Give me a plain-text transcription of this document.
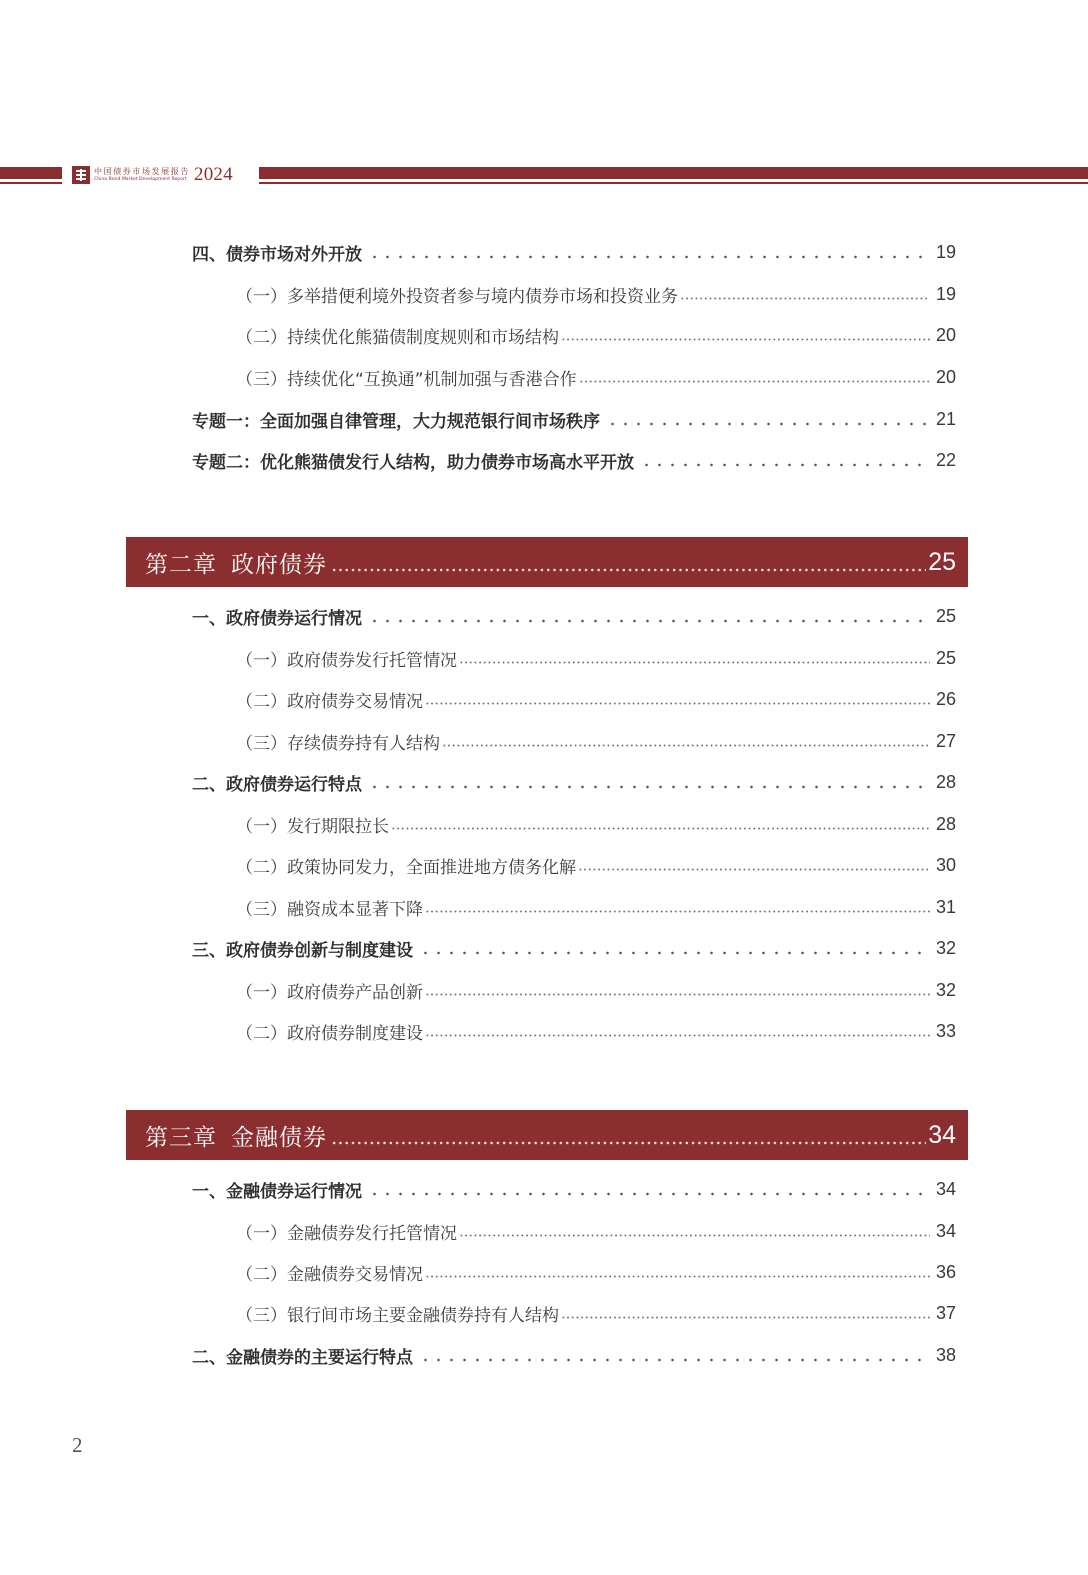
中国债券市场发展报告
China Bond Market Development Report 2024
四、债券市场对外开放	19
（一）多举措便利境外投资者参与境内债券市场和投资业务	19
（二）持续优化熊猫债制度规则和市场结构	20
（三）持续优化“互换通”机制加强与香港合作	20
专题一：全面加强自律管理，大力规范银行间市场秩序	21
专题二：优化熊猫债发行人结构，助力债券市场高水平开放	22
第二章 政府债券	25
一、政府债券运行情况	25
（一）政府债券发行托管情况	25
（二）政府债券交易情况	26
（三）存续债券持有人结构	27
二、政府债券运行特点	28
（一）发行期限拉长	28
（二）政策协同发力，全面推进地方债务化解	30
（三）融资成本显著下降	31
三、政府债券创新与制度建设	32
（一）政府债券产品创新	32
（二）政府债券制度建设	33
第三章 金融债券	34
一、金融债券运行情况	34
（一）金融债券发行托管情况	34
（二）金融债券交易情况	36
（三）银行间市场主要金融债券持有人结构	37
二、金融债券的主要运行特点	38
2
